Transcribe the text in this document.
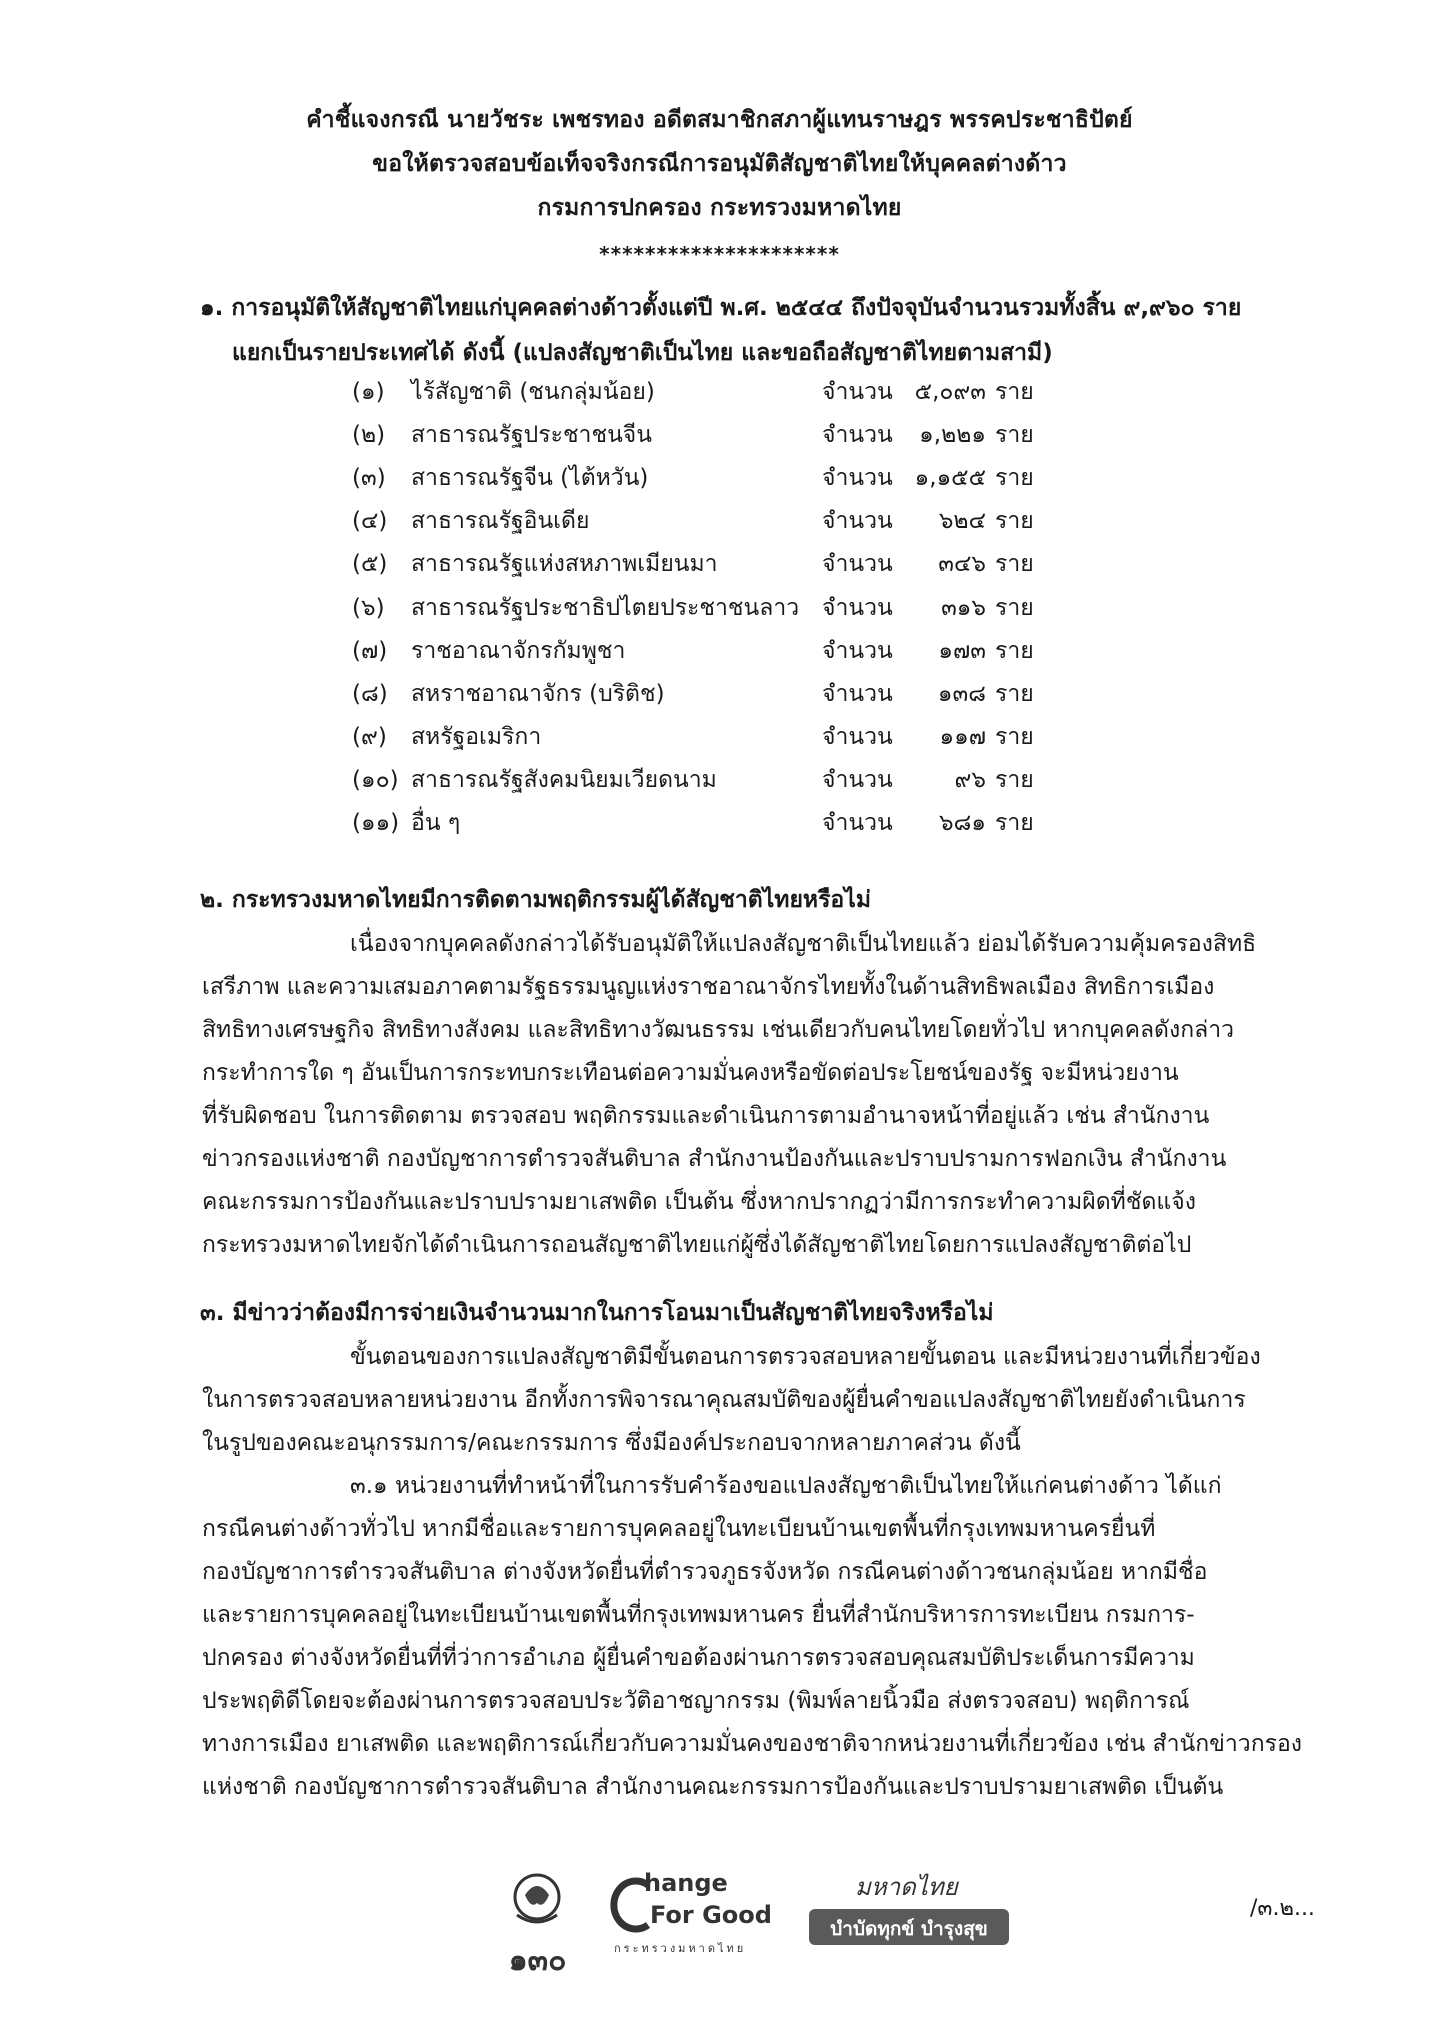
คำชี้แจงกรณี นายวัชระ เพชรทอง อดีตสมาชิกสภาผู้แทนราษฎร พรรคประชาธิปัตย์
ขอให้ตรวจสอบข้อเท็จจริงกรณีการอนุมัติสัญชาติไทยให้บุคคลต่างด้าว
กรมการปกครอง กระทรวงมหาดไทย
*********************
๑. การอนุมัติให้สัญชาติไทยแก่บุคคลต่างด้าวตั้งแต่ปี พ.ศ. ๒๕๔๔ ถึงปัจจุบันจำนวนรวมทั้งสิ้น ๙,๙๖๐ ราย
แยกเป็นรายประเทศได้ ดังนี้ (แปลงสัญชาติเป็นไทย และขอถือสัญชาติไทยตามสามี)
(๑) ไร้สัญชาติ (ชนกลุ่มน้อย)	จำนวน ๕,๐๙๓ ราย
(๒) สาธารณรัฐประชาชนจีน	จำนวน	๑,๒๒๑ ราย
(๓) สาธารณรัฐจีน (ไต้หวัน)	จำนวน ๑,๑๕๕ ราย
(๔) สาธารณรัฐอินเดีย	จำนวน	๖๒๔ ราย
(๕) สาธารณรัฐแห่งสหภาพเมียนมา	จำนวน	๓๔๖ ราย
(๖) สาธารณรัฐประชาธิปไตยประชาชนลาว จำนวน	๓๑๖ ราย
(๗) ราชอาณาจักรกัมพูชา	จำนวน	๑๗๓ ราย
(๘) สหราชอาณาจักร (บริติช)	จำนวน	๑๓๘ ราย
(๙) สหรัฐอเมริกา	จำนวน	๑๑๗ ราย
(๑๐) สาธารณรัฐสังคมนิยมเวียดนาม	จำนวน	๙๖ ราย
(๑๑) อื่น ๆ	จำนวน	๖๘๑ ราย
๒. กระทรวงมหาดไทยมีการติดตามพฤติกรรมผู้ได้สัญชาติไทยหรือไม่
เนื่องจากบุคคลดังกล่าวได้รับอนุมัติให้แปลงสัญชาติเป็นไทยแล้ว ย่อมได้รับความคุ้มครองสิทธิ
เสรีภาพ และความเสมอภาคตามรัฐธรรมนูญแห่งราชอาณาจักรไทยทั้งในด้านสิทธิพลเมือง สิทธิการเมือง
สิทธิทางเศรษฐกิจ สิทธิทางสังคม และสิทธิทางวัฒนธรรม เช่นเดียวกับคนไทยโดยทั่วไป หากบุคคลดังกล่าว
กระทำการใด ๆ อันเป็นการกระทบกระเทือนต่อความมั่นคงหรือขัดต่อประโยชน์ของรัฐ จะมีหน่วยงาน
ที่รับผิดชอบ ในการติดตาม ตรวจสอบ พฤติกรรมและดำเนินการตามอำนาจหน้าที่อยู่แล้ว เช่น สำนักงาน
ข่าวกรองแห่งชาติ กองบัญชาการตำรวจสันติบาล สำนักงานป้องกันและปราบปรามการฟอกเงิน สำนักงาน
คณะกรรมการป้องกันและปราบปรามยาเสพติด เป็นต้น ซึ่งหากปรากฏว่ามีการกระทำความผิดที่ชัดแจ้ง
กระทรวงมหาดไทยจักได้ดำเนินการถอนสัญชาติไทยแก่ผู้ซึ่งได้สัญชาติไทยโดยการแปลงสัญชาติต่อไป
๓. มีข่าวว่าต้องมีการจ่ายเงินจำนวนมากในการโอนมาเป็นสัญชาติไทยจริงหรือไม่
ขั้นตอนของการแปลงสัญชาติมีขั้นตอนการตรวจสอบหลายขั้นตอน และมีหน่วยงานที่เกี่ยวข้อง
ในการตรวจสอบหลายหน่วยงาน อีกทั้งการพิจารณาคุณสมบัติของผู้ยื่นคำขอแปลงสัญชาติไทยยังดำเนินการ
ในรูปของคณะอนุกรรมการ/คณะกรรมการ ซึ่งมีองค์ประกอบจากหลายภาคส่วน ดังนี้
๓.๑ หน่วยงานที่ทำหน้าที่ในการรับคำร้องขอแปลงสัญชาติเป็นไทยให้แก่คนต่างด้าว ได้แก่
กรณีคนต่างด้าวทั่วไป หากมีชื่อและรายการบุคคลอยู่ในทะเบียนบ้านเขตพื้นที่กรุงเทพมหานครยื่นที่
กองบัญชาการตำรวจสันติบาล ต่างจังหวัดยื่นที่ตำรวจภูธรจังหวัด กรณีคนต่างด้าวชนกลุ่มน้อย หากมีชื่อ
และรายการบุคคลอยู่ในทะเบียนบ้านเขตพื้นที่กรุงเทพมหานคร ยื่นที่สำนักบริหารการทะเบียน กรมการ-
ปกครอง ต่างจังหวัดยื่นที่ที่ว่าการอำเภอ ผู้ยื่นคำขอต้องผ่านการตรวจสอบคุณสมบัติประเด็นการมีความ
ประพฤติดีโดยจะต้องผ่านการตรวจสอบประวัติอาชญากรรม (พิมพ์ลายนิ้วมือ ส่งตรวจสอบ) พฤติการณ์
ทางการเมือง ยาเสพติด และพฤติการณ์เกี่ยวกับความมั่นคงของชาติจากหน่วยงานที่เกี่ยวข้อง เช่น สำนักข่าวกรอง
แห่งชาติ กองบัญชาการตำรวจสันติบาล สำนักงานคณะกรรมการป้องกันและปราบปรามยาเสพติด เป็นต้น
๑๓๐
hange
For Good
กระทรวงมหาดไทย
มหาดไทย
บำบัดทุกข์ บำรุงสุข
/๓.๒...
